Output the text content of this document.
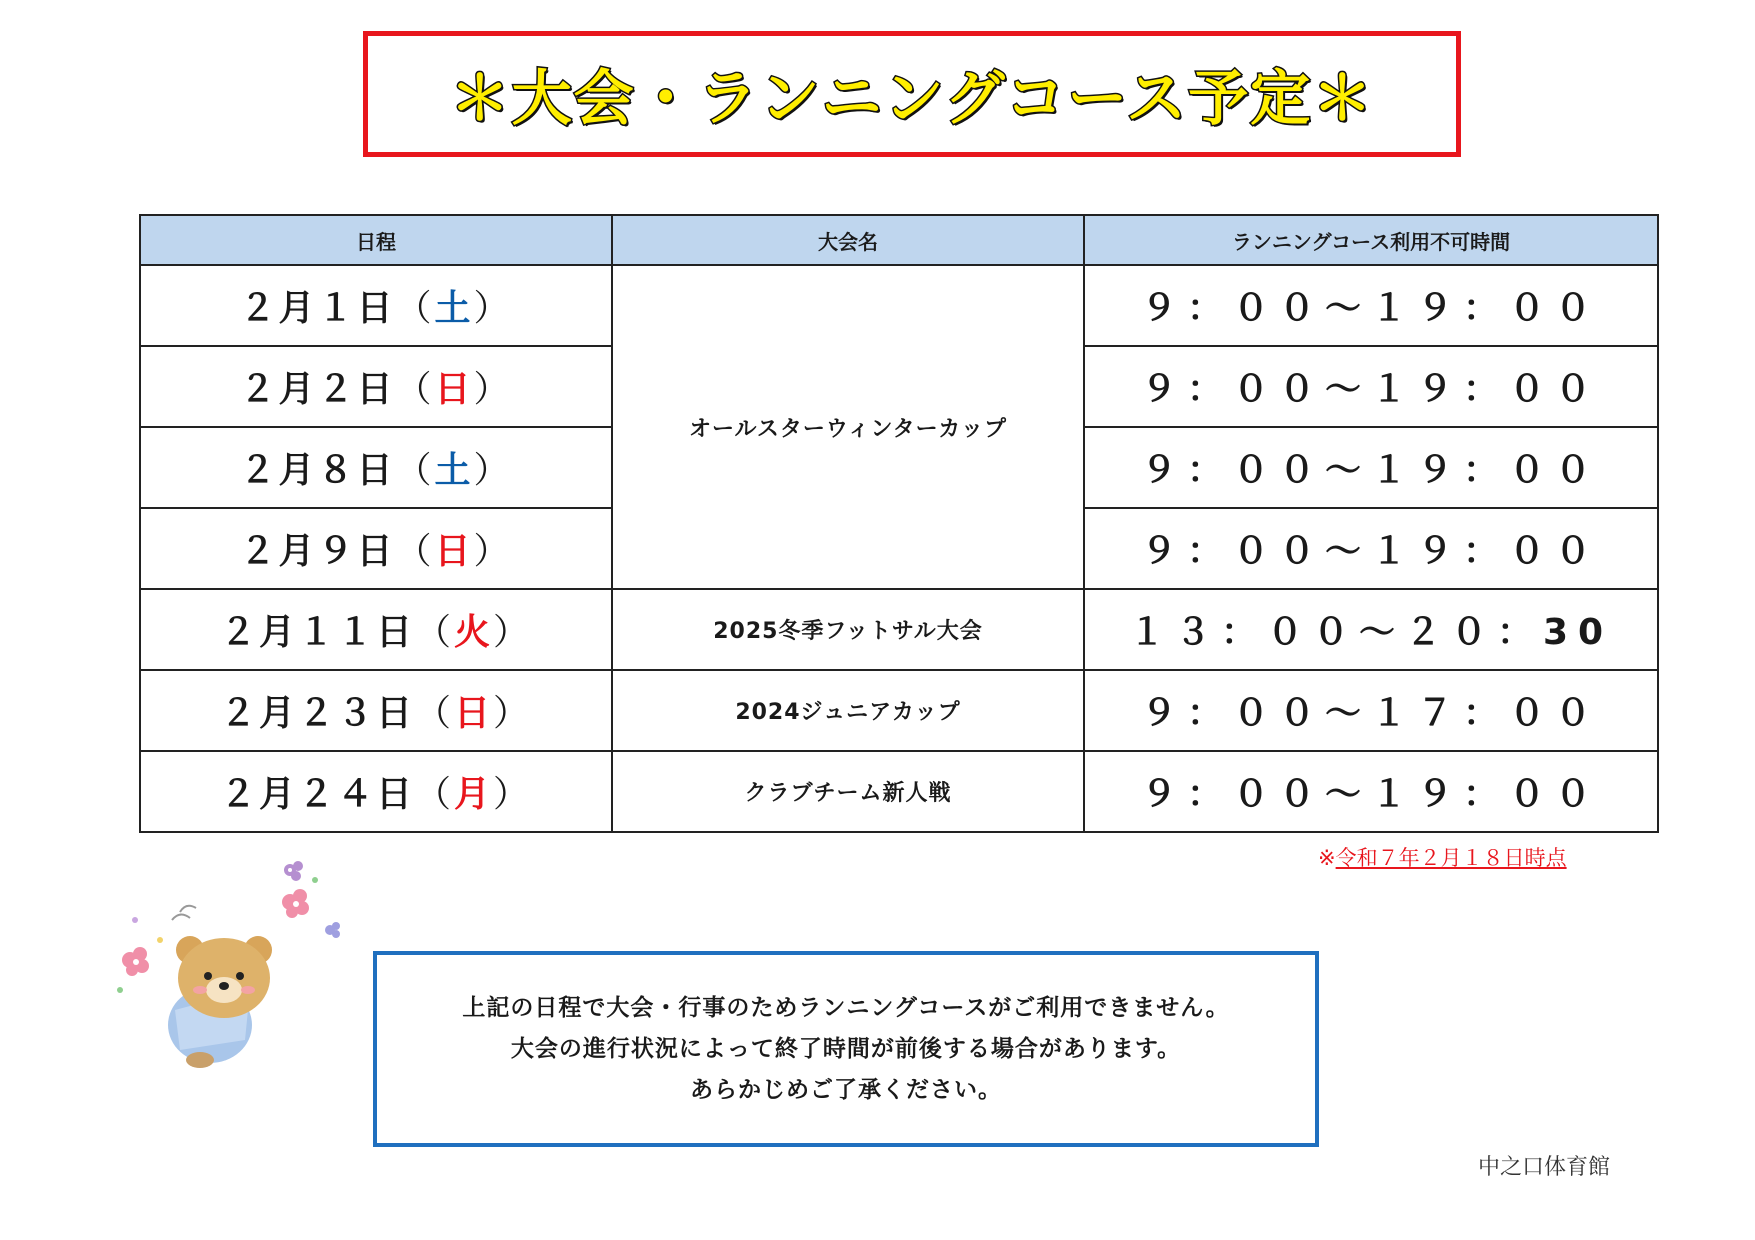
＊大会・ランニングコース予定＊
日程	大会名	ランニングコース利用不可時間
２月１日（土）	オールスターウィンターカップ	９：００～１９：００
２月２日（日）		９：００～１９：００
２月８日（土）		９：００～１９：００
２月９日（日）		９：００～１９：００
２月１１日（火）	2025冬季フットサル大会	１３：００～２０：30
２月２３日（日）	2024ジュニアカップ	９：００～１７：００
２月２４日（月）	クラブチーム新人戦	９：００～１９：００
※令和７年２月１８日時点
上記の日程で大会・行事のためランニングコースがご利用できません。
大会の進行状況によって終了時間が前後する場合があります。
あらかじめご了承ください。
中之口体育館
